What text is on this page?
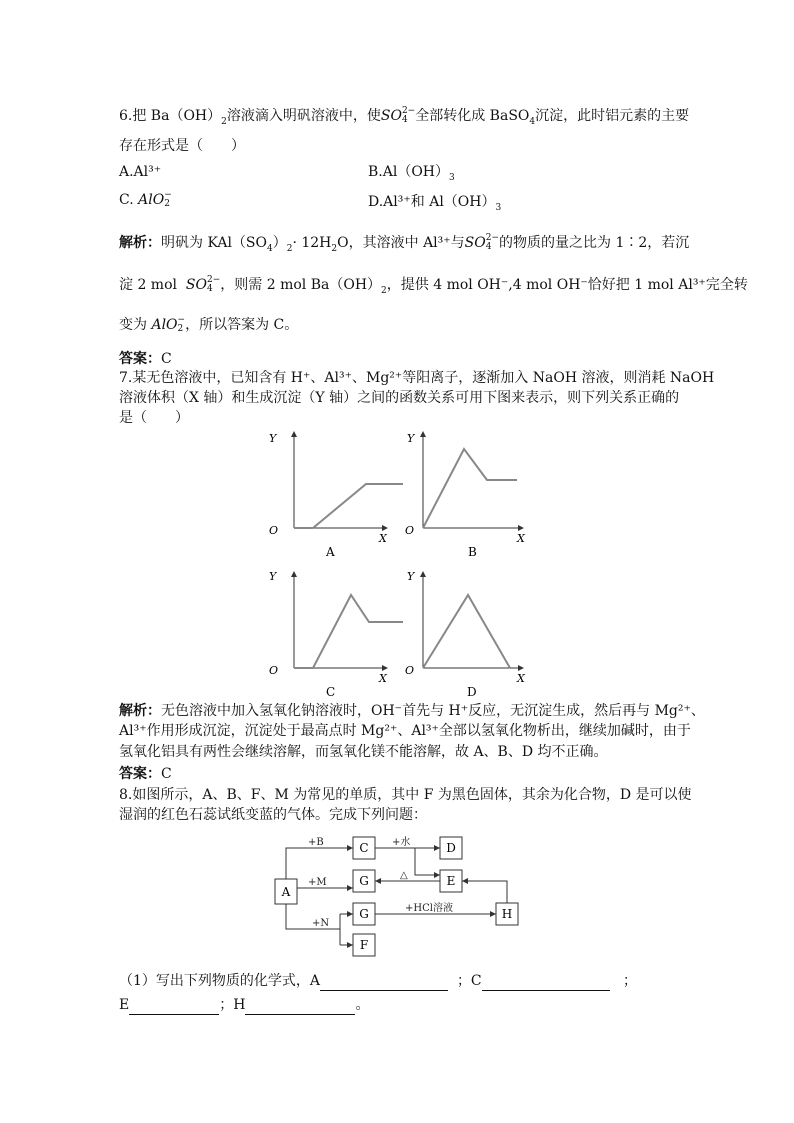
6.把 $Ba(OH)_2$溶液滴入明矾溶液中，使SO 2−
4 全部转化成 BaSO$_4$沉淀，此时铝元素的主要
存在形式是（　　）
A.Al³⁺	$B.Al(OH)_3$
C. AlO −
2	D.Al³⁺和 $Al(OH)_3$
解析：明矾为 $KAl(SO_4)_2\cdot 12H_2O$，其溶液中 Al³⁺与SO 2−
4 的物质的量之比为 1∶2，若沉
淀 2 mol SO 2−
4 ，则需 2 mol $Ba(OH)_2$，提供 4 mol OH⁻,4 mol OH⁻恰好把 1 mol Al³⁺完全转
变为 AlO −
2 ，所以答案为 C。
答案：C
7.某无色溶液中，已知含有 H⁺、Al³⁺、Mg²⁺等阳离子，逐渐加入 NaOH 溶液，则消耗 NaOH
溶液体积（X 轴）和生成沉淀（Y 轴）之间的函数关系可用下图来表示，则下列关系正确的
是（　　）
Y
X
O
A
Y
X
O
B
Y
X
O
C
Y
X
O
D
解析：无色溶液中加入氢氧化钠溶液时，OH⁻首先与 H⁺反应，无沉淀生成，然后再与 Mg²⁺、
Al³⁺作用形成沉淀，沉淀处于最高点时 Mg²⁺、Al³⁺全部以氢氧化物析出，继续加碱时，由于
氢氧化铝具有两性会继续溶解，而氢氧化镁不能溶解，故 A、B、D 均不正确。
答案：C
8.如图所示，A、B、F、M 为常见的单质，其中 F 为黑色固体，其余为化合物，D 是可以使
湿润的红色石蕊试纸变蓝的气体。完成下列问题：
A
C	D
G	E
G	H
F
+B	+水
△
+M
+N
+HCl溶液
（1）写出下列物质的化学式，A	；C	；
E	；H	。
